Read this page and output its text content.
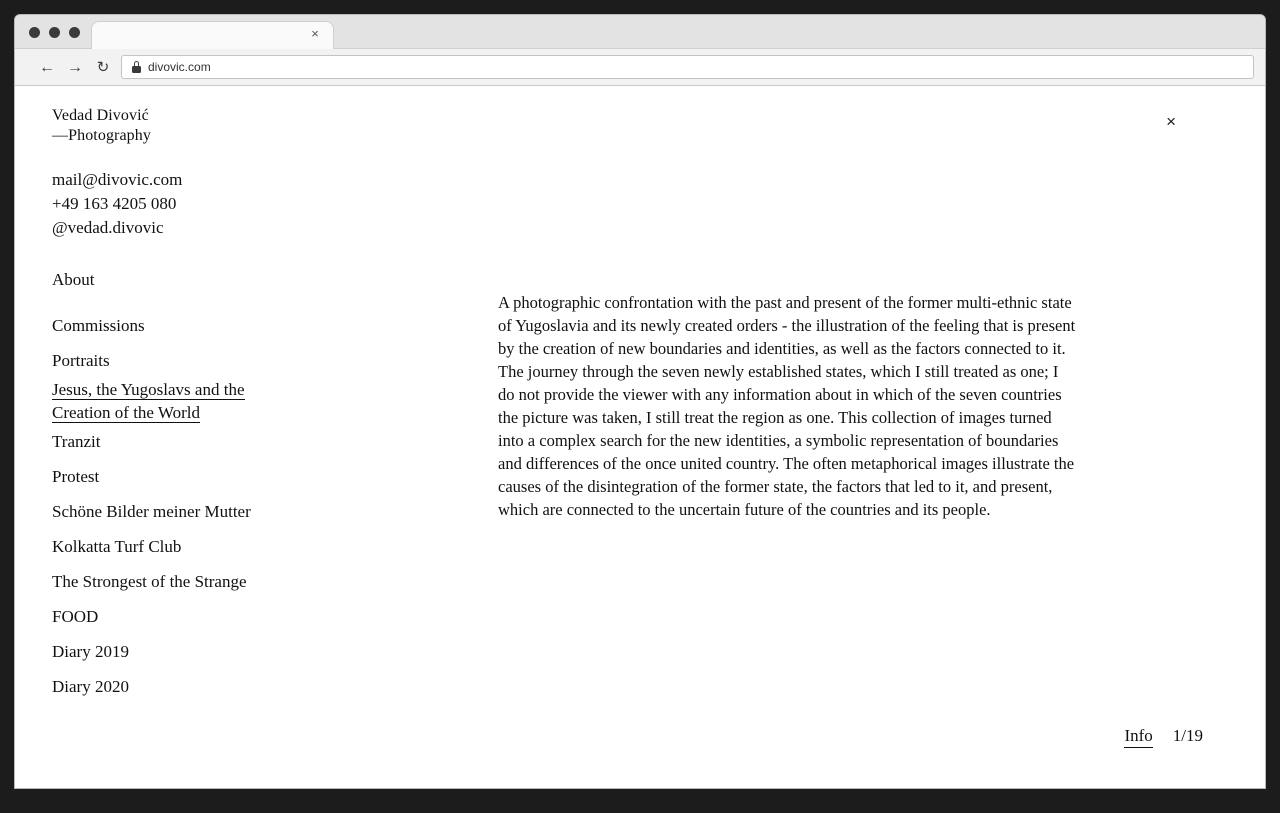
×
← → ↻	divovic.com
Vedad Divović
—Photography
×
mail@divovic.com
+49 163 4205 080
@vedad.divovic
About
Commissions
Portraits
Jesus, the Yugoslavs and the Creation of the World
Tranzit
Protest
Schöne Bilder meiner Mutter
Kolkatta Turf Club
The Strongest of the Strange
FOOD
Diary 2019
Diary 2020
A photographic confrontation with the past and present of the former multi-ethnic state of Yugoslavia and its newly created orders - the illustration of the feeling that is present by the creation of new boundaries and identities, as well as the factors connected to it. The journey through the seven newly established states, which I still treated as one; I do not provide the viewer with any information about in which of the seven countries the picture was taken, I still treat the region as one. This collection of images turned into a complex search for the new identities, a symbolic representation of boundaries and differences of the once united country. The often metaphorical images illustrate the causes of the disintegration of the former state, the factors that led to it, and present, which are connected to the uncertain future of the countries and its people.
Info 1/19
